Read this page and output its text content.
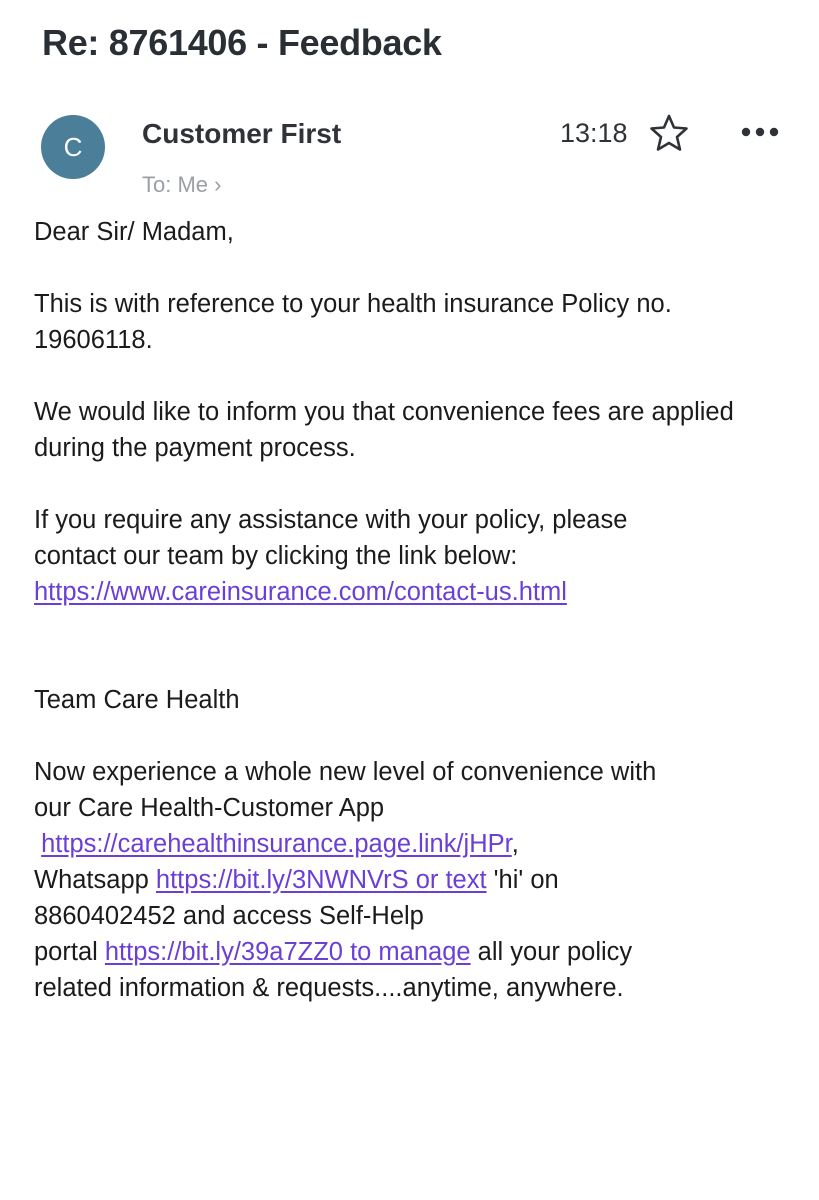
Re: 8761406 - Feedback
C Customer First
To: Me ›
13:18

Dear Sir/ Madam,

This is with reference to your health insurance Policy no.
19606118.

We would like to inform you that convenience fees are applied during the payment process.

If you require any assistance with your policy, please
contact our team by clicking the link below:
https://www.careinsurance.com/contact-us.html

Team Care Health

Now experience a whole new level of convenience with
our Care Health-Customer App
https://carehealthinsurance.page.link/jHPr,
Whatsapp https://bit.ly/3NWNVrS or text 'hi' on
8860402452 and access Self-Help
portal https://bit.ly/39a7ZZ0 to manage all your policy
related information & requests....anytime, anywhere.
